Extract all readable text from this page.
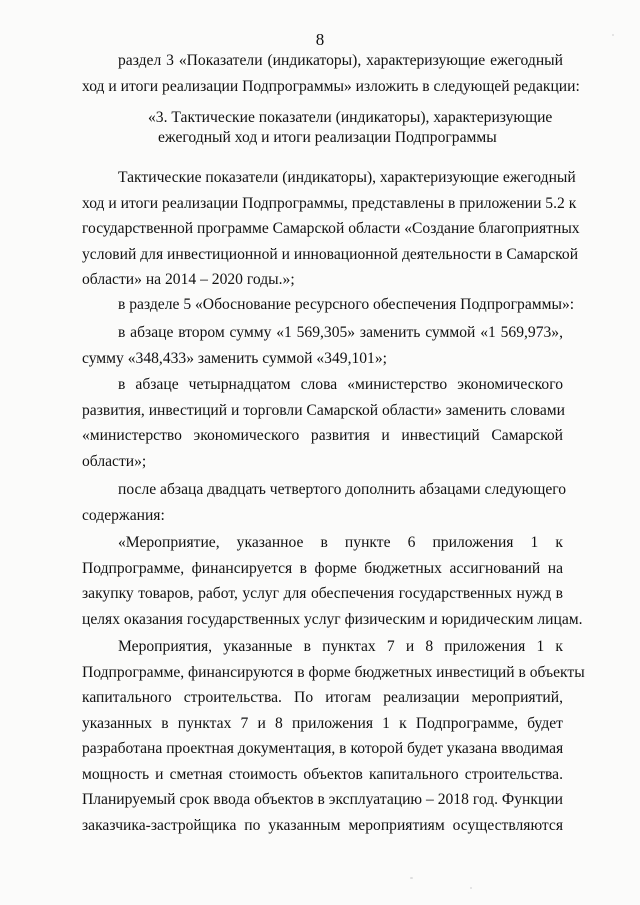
8
раздел 3 «Показатели (индикаторы), характеризующие ежегодный
ход и итоги реализации Подпрограммы» изложить в следующей редакции:
«3. Тактические показатели (индикаторы), характеризующие
ежегодный ход и итоги реализации Подпрограммы
Тактические показатели (индикаторы), характеризующие ежегодный
ход и итоги реализации Подпрограммы, представлены в приложении 5.2 к
государственной программе Самарской области «Создание благоприятных
условий для инвестиционной и инновационной деятельности в Самарской
области» на 2014 – 2020 годы.»;
в разделе 5 «Обоснование ресурсного обеспечения Подпрограммы»:
в абзаце втором сумму «1 569,305» заменить суммой «1 569,973»,
сумму «348,433» заменить суммой «349,101»;
в абзаце четырнадцатом слова «министерство экономического
развития, инвестиций и торговли Самарской области» заменить словами
«министерство экономического развития и инвестиций Самарской
области»;
после абзаца двадцать четвертого дополнить абзацами следующего
содержания:
«Мероприятие, указанное в пункте 6 приложения 1 к
Подпрограмме, финансируется в форме бюджетных ассигнований на
закупку товаров, работ, услуг для обеспечения государственных нужд в
целях оказания государственных услуг физическим и юридическим лицам.
Мероприятия, указанные в пунктах 7 и 8 приложения 1 к
Подпрограмме, финансируются в форме бюджетных инвестиций в объекты
капитального строительства. По итогам реализации мероприятий,
указанных в пунктах 7 и 8 приложения 1 к Подпрограмме, будет
разработана проектная документация, в которой будет указана вводимая
мощность и сметная стоимость объектов капитального строительства.
Планируемый срок ввода объектов в эксплуатацию – 2018 год. Функции
заказчика-застройщика по указанным мероприятиям осуществляются
